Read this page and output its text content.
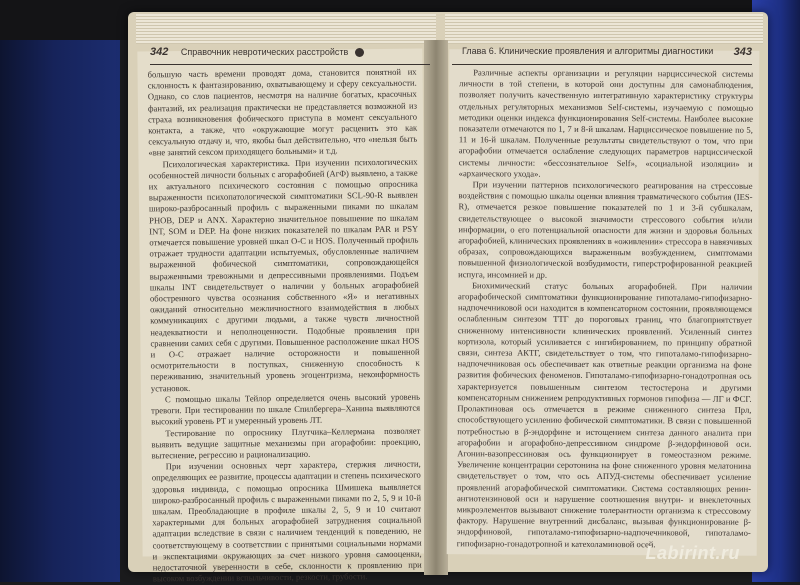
большую часть времени проводят дома, становится понятной их склонность к фантазированию, охватывающему и сферу сексуальности. Однако, со слов пациентов, несмотря на наличие богатых, красочных фантазий, их реализация практически не представляется возможной из страха возникновения фобического приступа в момент сексуального контакта, а также, что «окружающие могут расценить это как сексуальную отдачу и, что, якобы был действительно, что «нельзя быть «вне занятий сексом приходящего больными» и т.д.

Психологическая характеристика. При изучении психологических особенностей личности больных с агорафобией (АгФ) выявлено, а также их актуального психического состояния с помощью опросника выраженности психопатологической симптоматики SCL-90-R выявлен широко-разбросанный профиль с выраженными пиками по шкалам PHOB, DEP и ANX. Характерно значительное повышение по шкалам INT, SOM и DEP. На фоне низких показателей по шкалам PAR и PSY отмечается повышение уровней шкал O-C и HOS. Полученный профиль отражает трудности адаптации испытуемых, обусловленные наличием выраженной фобической симптоматики, сопровождающейся выраженными тревожными и депрессивными проявлениями. Подъем шкалы INT свидетельствует о наличии у больных агорафобией обостренного чувства осознания собственного «Я» и негативных ожиданий относительно межличностного взаимодействия в любых коммуникациях с другими людьми, а также чувств личностной неадекватности и неполноценности. Подобные проявления при сравнении самих себя с другими. Повышенное расположение шкал HOS и O-C отражает наличие осторожности и повышенной осмотрительности в поступках, сниженную способность к переживанию, значительный уровень эгоцентризма, неконформность установок.

С помощью шкалы Тейлор определяется очень высокий уровень тревоги. При тестировании по шкале Спилбергера–Ханина выявляются высокий уровень РТ и умеренный уровень ЛТ.

Тестирование по опроснику Плутчика–Келлермана позволяет выявить ведущие защитные механизмы при агорафобии: проекцию, вытеснение, регрессию и рационализацию.

При изучении основных черт характера, стержня личности, определяющих ее развитие, процессы адаптации и степень психического здоровья индивида, с помощью опросника Шмишека выявляется широко-разбросанный профиль с выраженными пиками по 2, 5, 9 и 10-й шкалам. Преобладающие в профиле шкалы 2, 5, 9 и 10 считают характерными для больных агорафобией затруднения социальной адаптации вследствие в связи с наличием тенденций к поведению, не соответствующему в соответствии с принятыми социальными нормами и экспектациями окружающих за счет низкого уровня самооценки, недостаточной уверенности в себе, склонности к проявлению при высоком возбуждении вспыльчивости, резкости, грубости.

Различные аспекты организации и регуляции нарциссической системы личности в той степени, в которой они доступны для самонаблюдения, позволяет получить качественную интегративную характеристику структуры отдельных регуляторных механизмов Self-системы, изучаемую с помощью методики оценки индекса функционирования Self-системы. Наиболее высокие показатели отмечаются по 1, 7 и 8-й шкалам. Нарциссическое повышение по 5, 11 и 16-й шкалам. Полученные результаты свидетельствуют о том, что при агорафобии отмечается ослабление следующих параметров нарциссической системы личности: «бессознательное Self», «социальной изоляции» и «архаического ухода».

При изучении паттернов психологического реагирования на стрессовые воздействия с помощью шкалы оценки влияния травматического события (IES-R), отмечается резкое повышение показателей по 1 и 3-й субшкалам, свидетельствующее о высокой значимости стрессового события и/или информации, о его потенциальной опасности для жизни и здоровья больных агорафобией, клинических проявлениях в «оживлении» стрессора в навязчивых образах, сопровождающихся выраженным возбуждением, симптомами повышенной физиологической возбудимости, гиперстрофированной реакцией испуга, инсомнией и др.

Биохимический статус больных агорафобией. При наличии агорафобической симптоматики функционирование гипоталамо-гипофизарно-надпочечниковой оси находится в компенсаторном состоянии, проявляющемся ослабленным синтезом ТТГ до пороговых границ, что благоприятствует сниженному интенсивности клинических проявлений. Усиленный синтез кортизола, который усиливается с ингибированием, по принципу обратной связи, синтеза АКТГ, свидетельствует о том, что гипоталамо-гипофизарно-надпочечниковая ось обеспечивает как ответные реакции организма на фоне развития фобических феноменов. Гипоталамо-гипофизарно-гонадотропная ось характеризуется повышенным синтезом тестостерона и другими компенсаторным снижением репродуктивных гормонов гипофиза — ЛГ и ФСГ. Пролактиновая ось отмечается в режиме сниженного синтеза Прл, способствующего усилению фобической симптоматики. В связи с повышенной потребностью в β-эндорфине и истощением синтеза данного аналита при агорафобии и агорафобно-депрессивном синдроме β-эндорфиновой оси. Агонин-вазопрессиновая ось функционирует в гомеостазном режиме. Увеличение концентрации серотонина на фоне сниженного уровня мелатонина свидетельствует о том, что ось АПУД-системы обеспечивает усиление проявлений агорафобической симптоматики. Система составляющих ренин-ангиотензиновой оси и нарушение соотношения внутри- и внеклеточных микроэлементов вызывают снижение толерантности организма к стрессовому фактору. Нарушение внутренний дисбаланс, вызывая функционирование β-эндорфиновой, гипоталамо-гипофизарно-надпочечниковой, гипоталамо-гипофизарно-гонадотропной и катехоламиновой осей.

342 Справочник невротических расстройств	Глава 6. Клинические проявления и алгоритмы диагностики 343
Labirint.ru
